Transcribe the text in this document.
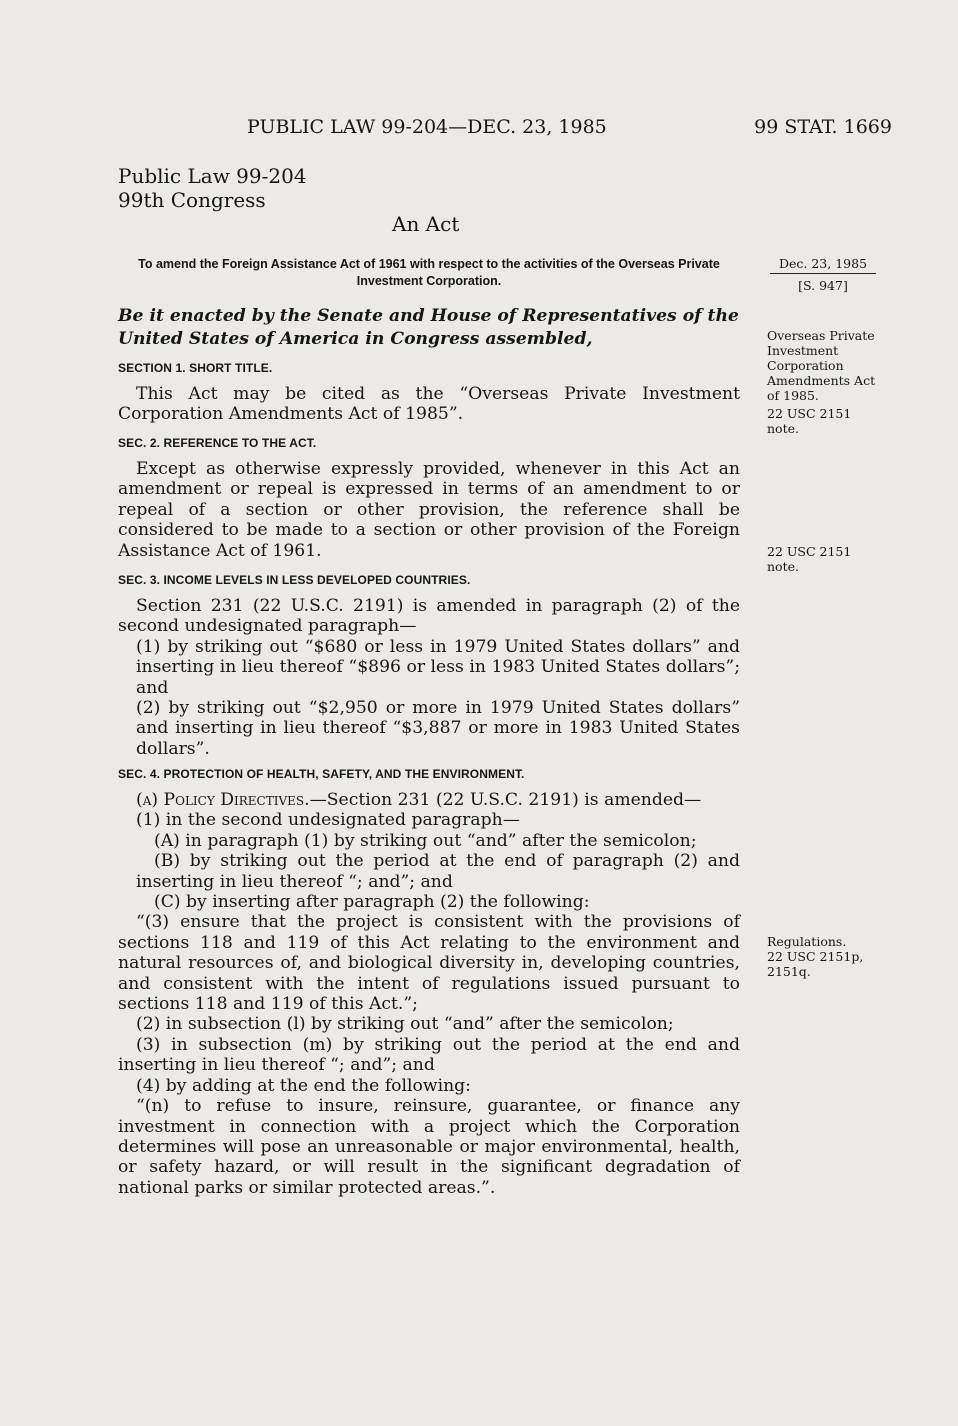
PUBLIC LAW 99-204—DEC. 23, 1985	99 STAT. 1669
Public Law 99-204
99th Congress
An Act
To amend the Foreign Assistance Act of 1961 with respect to the activities of the Overseas Private Investment Corporation.
Be it enacted by the Senate and House of Representatives of the United States of America in Congress assembled,
SECTION 1. SHORT TITLE.

This Act may be cited as the “Overseas Private Investment Corporation Amendments Act of 1985”.

SEC. 2. REFERENCE TO THE ACT.

Except as otherwise expressly provided, whenever in this Act an amendment or repeal is expressed in terms of an amendment to or repeal of a section or other provision, the reference shall be considered to be made to a section or other provision of the Foreign Assistance Act of 1961.

SEC. 3. INCOME LEVELS IN LESS DEVELOPED COUNTRIES.

Section 231 (22 U.S.C. 2191) is amended in paragraph (2) of the second undesignated paragraph—

(1) by striking out “$680 or less in 1979 United States dollars” and inserting in lieu thereof “$896 or less in 1983 United States dollars”; and

(2) by striking out “$2,950 or more in 1979 United States dollars” and inserting in lieu thereof “$3,887 or more in 1983 United States dollars”.

SEC. 4. PROTECTION OF HEALTH, SAFETY, AND THE ENVIRONMENT.

(a) Policy Directives.—Section 231 (22 U.S.C. 2191) is amended—

(1) in the second undesignated paragraph—

(A) in paragraph (1) by striking out “and” after the semicolon;

(B) by striking out the period at the end of paragraph (2) and inserting in lieu thereof “; and”; and

(C) by inserting after paragraph (2) the following:

“(3) ensure that the project is consistent with the provisions of sections 118 and 119 of this Act relating to the environment and natural resources of, and biological diversity in, developing countries, and consistent with the intent of regulations issued pursuant to sections 118 and 119 of this Act.”;

(2) in subsection (l) by striking out “and” after the semicolon;

(3) in subsection (m) by striking out the period at the end and inserting in lieu thereof “; and”; and

(4) by adding at the end the following:

“(n) to refuse to insure, reinsure, guarantee, or finance any investment in connection with a project which the Corporation determines will pose an unreasonable or major environmental, health, or safety hazard, or will result in the significant degradation of national parks or similar protected areas.”.

Dec. 23, 1985
[S. 947]
Overseas Private Investment Corporation Amendments Act of 1985.
22 USC 2151 note.
22 USC 2151 note.
Regulations.
22 USC 2151p, 2151q.
